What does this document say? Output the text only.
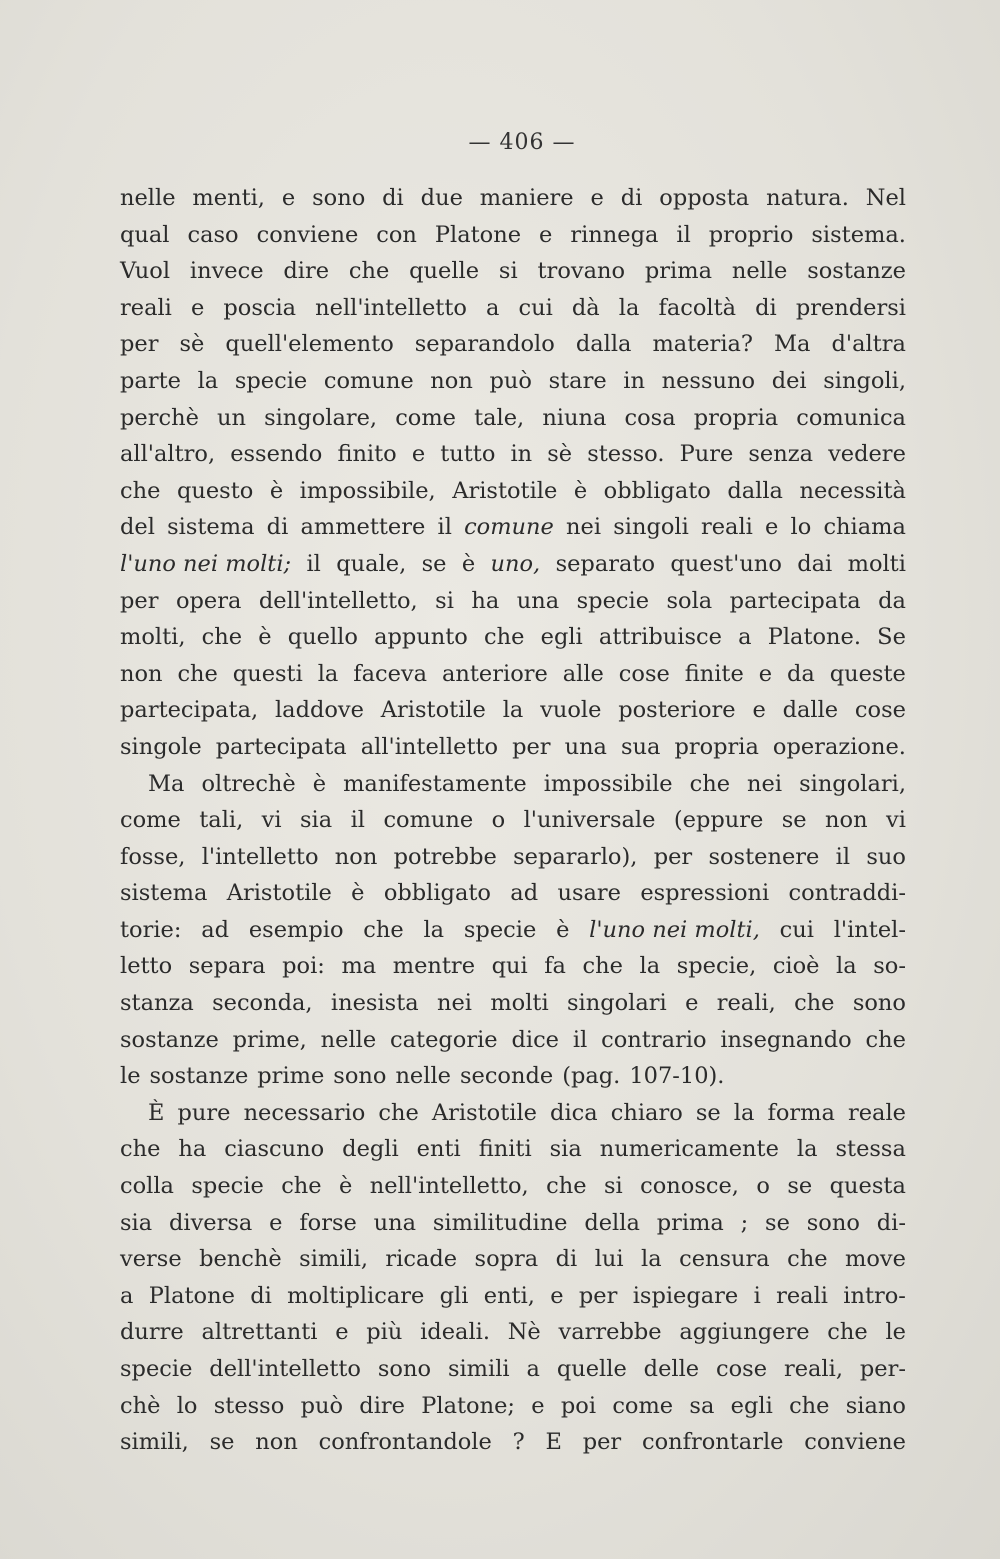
— 406 —
nelle menti, e sono di due maniere e di opposta natura. Nel
qual caso conviene con Platone e rinnega il proprio sistema.
Vuol invece dire che quelle si trovano prima nelle sostanze
reali e poscia nell'intelletto a cui dà la facoltà di prendersi
per sè quell'elemento separandolo dalla materia? Ma d'altra
parte la specie comune non può stare in nessuno dei singoli,
perchè un singolare, come tale, niuna cosa propria comunica
all'altro, essendo finito e tutto in sè stesso. Pure senza vedere
che questo è impossibile, Aristotile è obbligato dalla necessità
del sistema di ammettere il comune nei singoli reali e lo chiama
l'uno nei molti; il quale, se è uno, separato quest'uno dai molti
per opera dell'intelletto, si ha una specie sola partecipata da
molti, che è quello appunto che egli attribuisce a Platone. Se
non che questi la faceva anteriore alle cose finite e da queste
partecipata, laddove Aristotile la vuole posteriore e dalle cose
singole partecipata all'intelletto per una sua propria operazione.
Ma oltrechè è manifestamente impossibile che nei singolari,
come tali, vi sia il comune o l'universale (eppure se non vi
fosse, l'intelletto non potrebbe separarlo), per sostenere il suo
sistema Aristotile è obbligato ad usare espressioni contraddi-
torie: ad esempio che la specie è l'uno nei molti, cui l'intel-
letto separa poi: ma mentre qui fa che la specie, cioè la so-
stanza seconda, inesista nei molti singolari e reali, che sono
sostanze prime, nelle categorie dice il contrario insegnando che
le sostanze prime sono nelle seconde (pag. 107-10).
È pure necessario che Aristotile dica chiaro se la forma reale
che ha ciascuno degli enti finiti sia numericamente la stessa
colla specie che è nell'intelletto, che si conosce, o se questa
sia diversa e forse una similitudine della prima ; se sono di-
verse benchè simili, ricade sopra di lui la censura che move
a Platone di moltiplicare gli enti, e per ispiegare i reali intro-
durre altrettanti e più ideali. Nè varrebbe aggiungere che le
specie dell'intelletto sono simili a quelle delle cose reali, per-
chè lo stesso può dire Platone; e poi come sa egli che siano
simili, se non confrontandole ? E per confrontarle conviene
